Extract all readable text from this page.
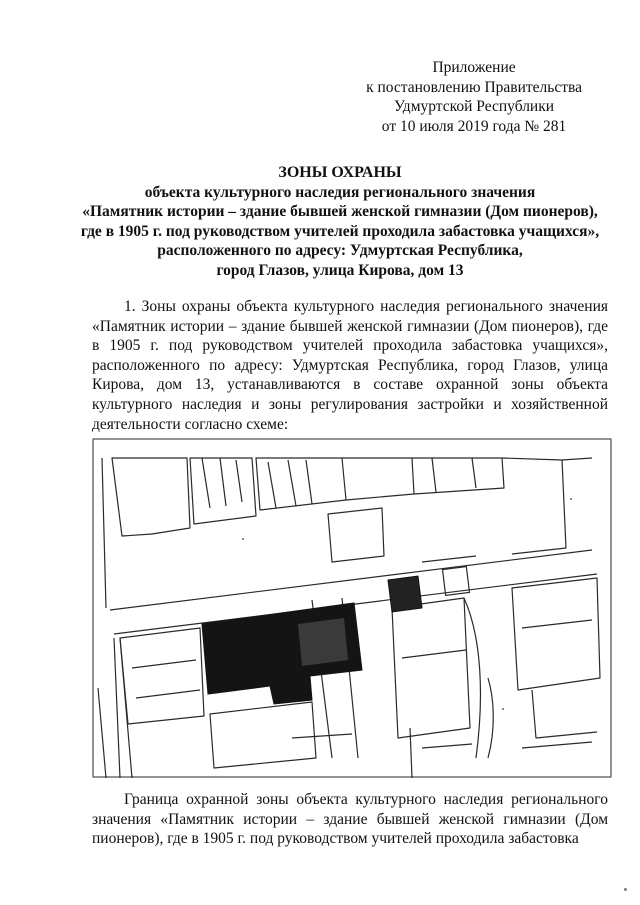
Приложение
к постановлению Правительства
Удмуртской Республики
от 10 июля 2019 года № 281
ЗОНЫ ОХРАНЫ
объекта культурного наследия регионального значения
«Памятник истории – здание бывшей женской гимназии (Дом пионеров),
где в 1905 г. под руководством учителей проходила забастовка учащихся»,
расположенного по адресу: Удмуртская Республика,
город Глазов, улица Кирова, дом 13

1. Зоны охраны объекта культурного наследия регионального значения «Памятник истории – здание бывшей женской гимназии (Дом пионеров), где в 1905 г. под руководством учителей проходила забастовка учащихся», расположенного по адресу: Удмуртская Республика, город Глазов, улица Кирова, дом 13, устанавливаются в составе охранной зоны объекта культурного наследия и зоны регулирования застройки и хозяйственной деятельности согласно схеме:

Граница охранной зоны объекта культурного наследия регионального значения «Памятник истории – здание бывшей женской гимназии (Дом пионеров), где в 1905 г. под руководством учителей проходила забастовка
